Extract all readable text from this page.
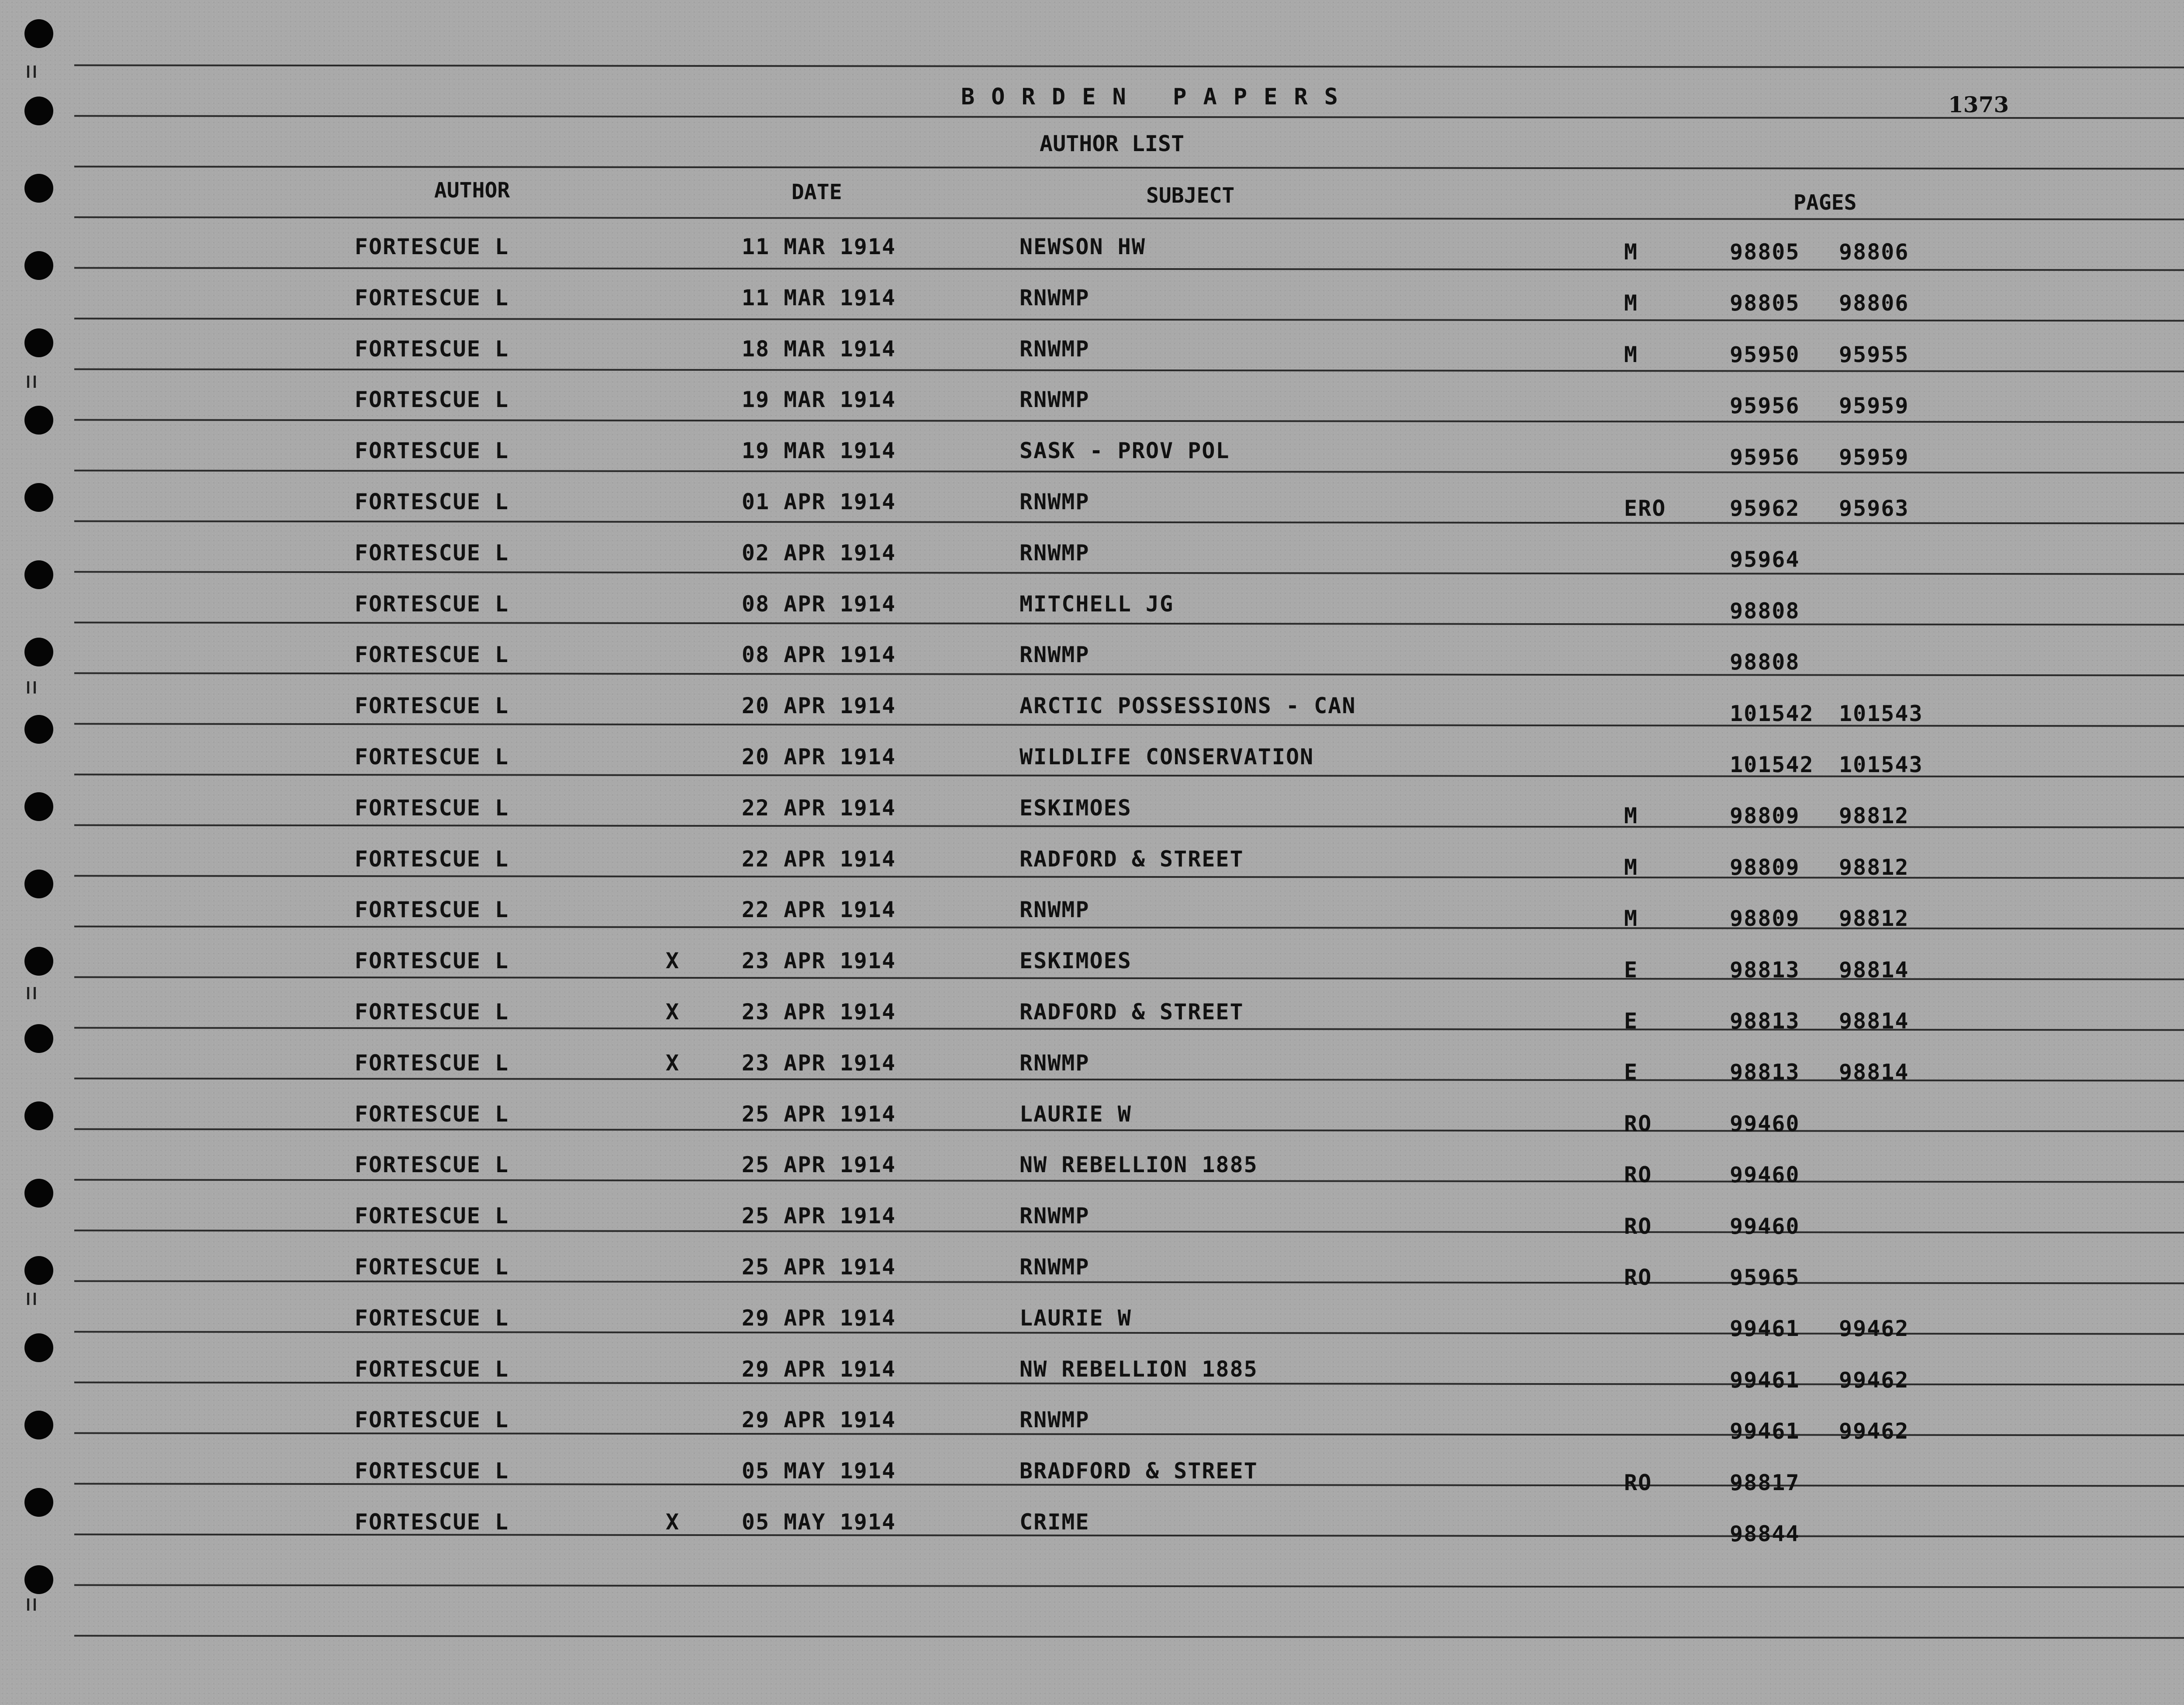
BORDEN PAPERS	1373
AUTHOR LIST
AUTHOR	DATE	SUBJECT	PAGES
FORTESCUE L	11 MAR 1914	NEWSON HW	M	98805 98806
FORTESCUE L	11 MAR 1914	RNWMP	M	98805 98806
FORTESCUE L	18 MAR 1914	RNWMP	M	95950 95955
FORTESCUE L	19 MAR 1914	RNWMP	95956 95959
FORTESCUE L	19 MAR 1914	SASK - PROV POL	95956 95959
FORTESCUE L	01 APR 1914	RNWMP	ERO	95962 95963
FORTESCUE L	02 APR 1914	RNWMP	95964
FORTESCUE L	08 APR 1914	MITCHELL JG	98808
FORTESCUE L	08 APR 1914	RNWMP	98808
FORTESCUE L	20 APR 1914	ARCTIC POSSESSIONS - CAN	101542 101543
FORTESCUE L	20 APR 1914	WILDLIFE CONSERVATION	101542 101543
FORTESCUE L	22 APR 1914	ESKIMOES	M	98809 98812
FORTESCUE L	22 APR 1914	RADFORD & STREET	M	98809 98812
FORTESCUE L	22 APR 1914	RNWMP	M	98809 98812
FORTESCUE L	X	23 APR 1914	ESKIMOES	E	98813 98814
FORTESCUE L	X	23 APR 1914	RADFORD & STREET	E	98813 98814
FORTESCUE L	X	23 APR 1914	RNWMP	E	98813 98814
FORTESCUE L	25 APR 1914	LAURIE W	RO	99460
FORTESCUE L	25 APR 1914	NW REBELLION 1885	RO	99460
FORTESCUE L	25 APR 1914	RNWMP	RO	99460
FORTESCUE L	25 APR 1914	RNWMP	RO	95965
FORTESCUE L	29 APR 1914	LAURIE W	99461 99462
FORTESCUE L	29 APR 1914	NW REBELLION 1885	99461 99462
FORTESCUE L	29 APR 1914	RNWMP	99461 99462
FORTESCUE L	05 MAY 1914	BRADFORD & STREET	RO	98817
FORTESCUE L	X	05 MAY 1914	CRIME	98844
